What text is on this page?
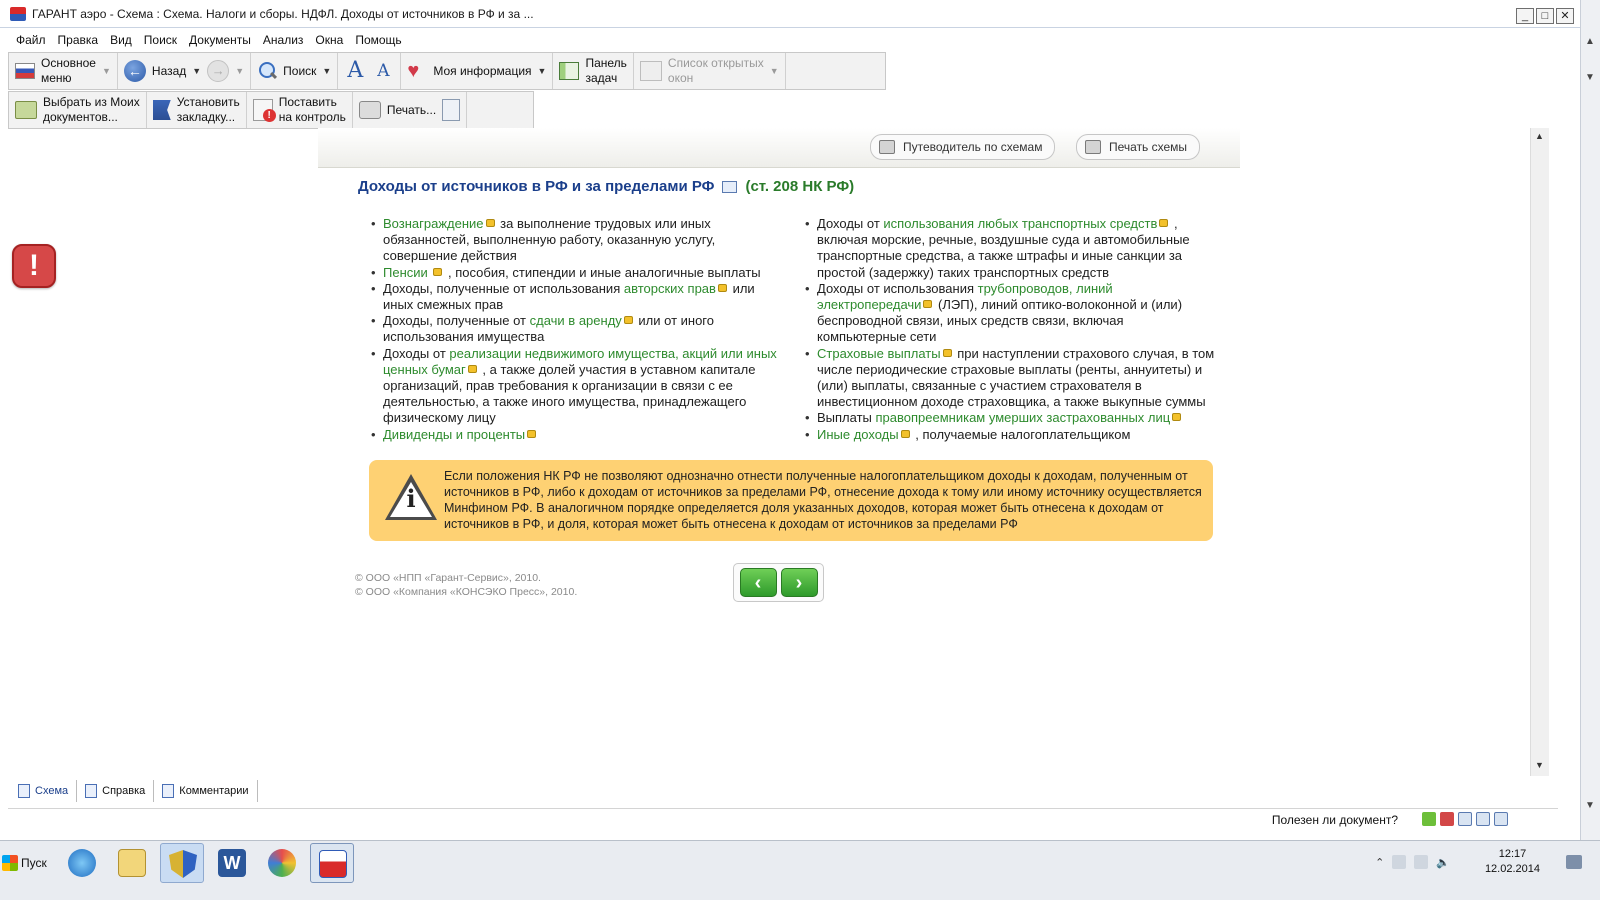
ГАРАНТ аэро - Схема : Схема. Налоги и сборы. НДФЛ. Доходы от источников в РФ и за ...	_	□	✕
▲
▼
▼
Файл	Правка	Вид	Поиск	Документы	Анализ	Окна	Помощь
Основное
меню	▼ ← Назад ▼ →	▼	Поиск ▼ A A ♥	Моя информация ▼
Панель
задач
Список открытых
окон	▼
Выбрать из Моих
документов...
Установить
закладку...
!
Поставить
на контроль
Печать...
!
Путеводитель по схемам	Печать схемы
▲
▼
Доходы от источников в РФ и за пределами РФ (ст. 208 НК РФ)
• Вознаграждение за выполнение трудовых или иных обязанностей, выполненную работу, оказанную услугу, совершение действия
• Пенсии , пособия, стипендии и иные аналогичные выплаты
• Доходы, полученные от использования авторских прав или иных смежных прав
• Доходы, полученные от сдачи в аренду или от иного использования имущества
• Доходы от реализации недвижимого имущества, акций или иных ценных бумаг , а также долей участия в уставном капитале организаций, прав требования к организации в связи с ее деятельностью, а также иного имущества, принадлежащего физическому лицу
• Дивиденды и проценты
• Доходы от использования любых транспортных средств , включая морские, речные, воздушные суда и автомобильные транспортные средства, а также штрафы и иные санкции за простой (задержку) таких транспортных средств
• Доходы от использования трубопроводов, линий электропередачи (ЛЭП), линий оптико-волоконной и (или) беспроводной связи, иных средств связи, включая компьютерные сети
• Страховые выплаты при наступлении страхового случая, в том числе периодические страховые выплаты (ренты, аннуитеты) и (или) выплаты, связанные с участием страхователя в инвестиционном доходе страховщика, а также выкупные суммы
• Выплаты правопреемникам умерших застрахованных лиц
• Иные доходы , получаемые налогоплательщиком
i
Если положения НК РФ не позволяют однозначно отнести полученные налогоплательщиком доходы к доходам, полученным от источников в РФ, либо к доходам от источников за пределами РФ, отнесение дохода к тому или иному источнику осуществляется Минфином РФ. В аналогичном порядке определяется доля указанных доходов, которая может быть отнесена к доходам от источников в РФ, и доля, которая может быть отнесена к доходам от источников за пределами РФ
© ООО «НПП «Гарант-Сервис», 2010.
© ООО «Компания «КОНСЭКО Пресс», 2010.	‹	›
Схема	Справка	Комментарии
Полезен ли документ?
Пуск	W	⌃	🔈
12:17
12.02.2014
